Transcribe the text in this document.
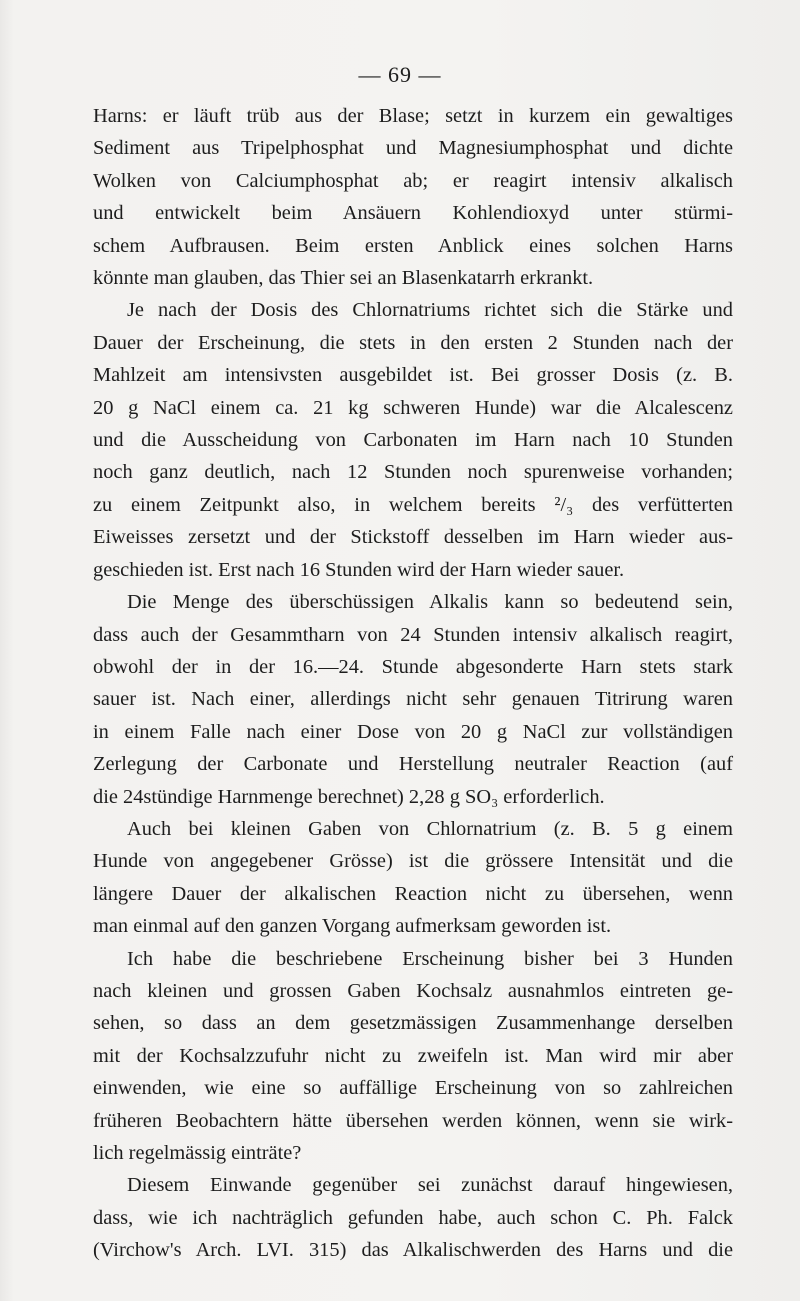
— 69 —
Harns: er läuft trüb aus der Blase; setzt in kurzem ein gewaltiges
Sediment aus Tripelphosphat und Magnesiumphosphat und dichte
Wolken von Calciumphosphat ab; er reagirt intensiv alkalisch
und entwickelt beim Ansäuern Kohlendioxyd unter stürmi-
schem Aufbrausen. Beim ersten Anblick eines solchen Harns
könnte man glauben, das Thier sei an Blasenkatarrh erkrankt.
Je nach der Dosis des Chlornatriums richtet sich die Stärke und
Dauer der Erscheinung, die stets in den ersten 2 Stunden nach der
Mahlzeit am intensivsten ausgebildet ist. Bei grosser Dosis (z. B.
20 g NaCl einem ca. 21 kg schweren Hunde) war die Alcalescenz
und die Ausscheidung von Carbonaten im Harn nach 10 Stunden
noch ganz deutlich, nach 12 Stunden noch spurenweise vorhanden;
zu einem Zeitpunkt also, in welchem bereits ²/₃ des verfütterten
Eiweisses zersetzt und der Stickstoff desselben im Harn wieder aus-
geschieden ist. Erst nach 16 Stunden wird der Harn wieder sauer.
Die Menge des überschüssigen Alkalis kann so bedeutend sein,
dass auch der Gesammtharn von 24 Stunden intensiv alkalisch reagirt,
obwohl der in der 16.—24. Stunde abgesonderte Harn stets stark
sauer ist. Nach einer, allerdings nicht sehr genauen Titrirung waren
in einem Falle nach einer Dose von 20 g NaCl zur vollständigen
Zerlegung der Carbonate und Herstellung neutraler Reaction (auf
die 24stündige Harnmenge berechnet) 2,28 g SO₃ erforderlich.
Auch bei kleinen Gaben von Chlornatrium (z. B. 5 g einem
Hunde von angegebener Grösse) ist die grössere Intensität und die
längere Dauer der alkalischen Reaction nicht zu übersehen, wenn
man einmal auf den ganzen Vorgang aufmerksam geworden ist.
Ich habe die beschriebene Erscheinung bisher bei 3 Hunden
nach kleinen und grossen Gaben Kochsalz ausnahmlos eintreten ge-
sehen, so dass an dem gesetzmässigen Zusammenhange derselben
mit der Kochsalzzufuhr nicht zu zweifeln ist. Man wird mir aber
einwenden, wie eine so auffällige Erscheinung von so zahlreichen
früheren Beobachtern hätte übersehen werden können, wenn sie wirk-
lich regelmässig einträte?
Diesem Einwande gegenüber sei zunächst darauf hingewiesen,
dass, wie ich nachträglich gefunden habe, auch schon C. Ph. Falck
(Virchow's Arch. LVI. 315) das Alkalischwerden des Harns und die
